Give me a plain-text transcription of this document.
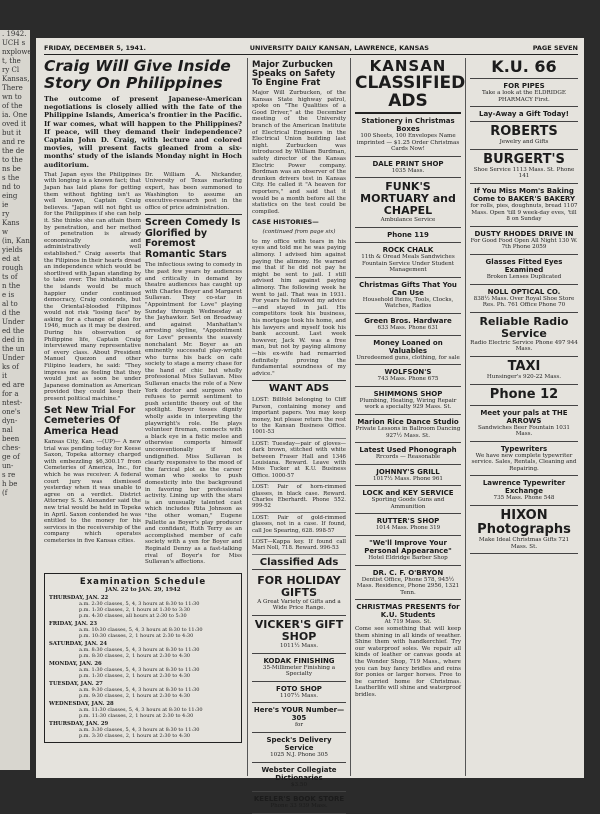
. 1942.
UCH s
nxplowe
t, the
ry Cl
Kansas,
There
wn to
of the
ia. One
oved it
but it
and re
the de
to the
ns be
s the
nd to
eing
ie
ry
Kans
w
(in, Kan
yields
ed at
rough
ts of
n the
e is
al to
d the
Under
ed the
ded in
the un
Under
ks of
it
ed are
for a
ntest-
one's
dyn-
nal
been
ches-
ge of
un-
s re
h be
(f
FRIDAY, DECEMBER 5, 1941.	UNIVERSITY DAILY KANSAN, LAWRENCE, KANSAS	PAGE SEVEN
Craig Will Give Inside Story On Philippines
The outcome of present Japanese-American negotiations is closely allied with the fate of the Philippine Islands, America's frontier in the Pacific. If war comes, what will happen to the Philippines? If peace, will they demand their independence? Captain John D. Craig, with lecture and colored movies, will present facts gleaned from a six-months' study of the islands Monday night in Hoch auditorium.
That Japan eyes the Philippines with longing is a known fact; that Japan has laid plans for getting them without fighting isn't as well known, Captain Craig believes. "Japan will not fight us for the Philippines if she can help it. She thinks she can attain them by penetration, and her method of penetration is already economically and administratively well established." Craig asserts that the Filipinos in their hearts dread an independence which would be shortlived with Japan standing by to take over. The inhabitants of the islands would be much happier under continued democracy, Craig contends, but the Oriental-blooded Filipinos would not risk "losing face" by asking for a change of plan for 1946, much as it may be desired. During his observation of Philippine life, Captain Craig interviewed many representative of every class. About President Manuel Quezon and other Filipino leaders, he said: "They impress me as feeling that they would just as soon be under Japanese domination as American provided they could keep their present political machine."
Set New Trial For Cemeteries Of America Head
Kansas City, Kan. —(UP)— A new trial was pending today for Keese Saxon, Topeka attorney charged with embezzling $6,300.17 from Cemeteries of America, Inc., for which he was receiver. A federal court jury was dismissed yesterday when it was unable to agree on a verdict. District Attorney S. S. Alexander said the new trial would be held in Topeka in April. Saxon contended he was entitled to the money for his services in the receivership of the company which operates cemeteries in five Kansas cities.
Dr. William A. Nickander, University of Texas marketing expert, has been summoned to Washington to assume an executive-research post in the office of price administration.
Screen Comedy Is Glorified by Foremost Romantic Stars
The infectious swing to comedy in the past few years by audiences and critically in demand by theatre audiences has caught up with Charles Boyer and Margaret Sullavan. They co-star in "Appointment for Love" playing Sunday through Wednesday at the Jayhawker. Set on Broadway and against Manhattan's arresting skyline, "Appointment for Love" presents the suavely nonchalant Mr. Boyer as an eminently successful play-wright who turns his back on cafe society to stage a merry chase for the hand of chic but wholly professional Miss Sullavan. Miss Sullavan enacts the role of a New York doctor and surgeon who refuses to permit sentiment to push scientific theory out of the spotlight. Boyer tosses dignity wholly aside in interpreting the playwright's role. He plays volunteer fireman, connects with a black eye in a fistic melee and otherwise comports himself unconventionally if not undignified. Miss Sullavan is clearly responsive to the mood of the farcical plot as the career woman who seeks to push domesticity into the background in favoring her professional activity. Lining up with the stars is an unusually talented cast which includes Rita Johnson as "the other woman," Eugene Pallette as Boyer's play producer and confidant, Ruth Terry as an accomplished member of cafe society with a yen for Boyer and Reginald Denny as a fast-talking rival of Boyer's for Miss Sullavan's affections.
Examination Schedule
JAN. 22 to JAN. 29, 1942
THURSDAY, JAN. 22
a.m. 2:30 classes, 5, 4, 3 hours at 8:30 to 11:30
p.m. 1:30 classes, 2, 1 hours at 1:30 to 3:30
p.m. 4:30 classes, all hours at 2:30 to 5:30
FRIDAY, JAN. 23
a.m. 10:30 classes, 5, 4, 3 hours at 8:30 to 11:30
p.m. 10:30 classes, 2, 1 hours at 2:30 to 4:30
SATURDAY, JAN. 24
a.m. 8:30 classes, 5, 4, 3 hours at 8:30 to 11:30
p.m. 8:30 classes, 2, 1 hours at 2:30 to 4:30
MONDAY, JAN. 26
a.m. 1:30 classes, 5, 4, 3 hours at 8:30 to 11:30
p.m. 1:30 classes, 2, 1 hours at 2:30 to 4:30
TUESDAY, JAN. 27
a.m. 9:30 classes, 5, 4, 3 hours at 8:30 to 11:30
p.m. 9:30 classes, 2, 1 hours at 2:30 to 4:30
WEDNESDAY, JAN. 28
a.m. 11:30 classes, 5, 4, 3 hours at 8:30 to 11:30
p.m. 11:30 classes, 2, 1 hours at 2:30 to 4:30
THURSDAY, JAN. 29
a.m. 3:30 classes, 5, 4, 3 hours at 8:30 to 11:30
p.m. 3:30 classes, 2, 1 hours at 2:30 to 4:30
Major Zurbucken Speaks on Safety To Engine Frat
Major Will Zurbucken, of the Kansas State highway patrol, spoke on "The Qualities of a Good Driver," at the December meeting of the University branch of the American Institute of Electrical Engineers in the Electrical Union building last night. Zurbucken was introduced by William Burdman, safety director of the Kansas Electric Power company. Bordman was an observer of the drunken drivers test in Kansas City. He called it "A heaven for reporters," and said that it would be a month before all the statistics on the test could be compiled.
CASE HISTORIES—
(continued from page six)
to my office with tears in his eyes and told me he was paying alimony. I advised him against paying the alimony. He warned me that if he did not pay he might be sent to jail. I still advised him against paying alimony. The following week he went to jail. That was in 1931. For years he followed my advice—and stayed in jail. His competitors took his business, his mortgage took his home, and his lawyers and myself took his bank account. Last week however, Jack W. was a free man, but not by paying alimony—his ex-wife had remarried definitely proving the fundamental soundness of my advice."
WANT ADS
LOST: Billfold belonging to Cliff Parson, containing money and important papers. You may keep money, but please return the rest to the Kansan Business Office. 1001-53
LOST: Tuesday—pair of gloves—dark brown, stitched with white between Fraser Hall and 1346 Louisiana. Reward. Leave with Miss Tucker at K.U. Business Office. 1000-57
LOST: Pair of horn-rimmed glasses, in black case. Reward. Charles Eberhardt. Phone 552. 999-52
LOST: Pair of gold-rimmed glasses, not in a case. If found, call Joe Spearing, 628. 998-57
LOST—Kappa key. If found call Mari Noll, 718. Reward. 996-53
Classified Ads
FOR HOLIDAY GIFTS
A Great Variety of Gifts and a Wide Price Range.
VICKER'S GIFT SHOP
1011½ Mass.
KODAK FINISHING
35-Millimeter Finishing a Specialty
FOTO SHOP
1107½ Mass.
Here's YOUR Number—305
for
Speck's Delivery Service
1025 N.J. Phone 305
Webster Collegiate Dictionaries
$3.50
KEELER'S BOOK STORE
Phone 33 939 Mass.
KANSAN
CLASSIFIED ADS
Stationery in Christmas Boxes
100 Sheets, 100 Envelopes Name imprinted — $1.25 Order Christmas Cards Now!
DALE PRINT SHOP
1035 Mass.
FUNK'S MORTUARY and CHAPEL
Ambulance Service
Phone 119
ROCK CHALK
11th & Oread Meals Sandwiches Fountain Service Under Student Management
Christmas Gifts That You Can Use
Household Items, Tools, Clocks, Watches, Radios
Green Bros. Hardware
633 Mass. Phone 631
Money Loaned on Valuables
Unredeemed guns, clothing, for sale
WOLFSON'S
743 Mass. Phone 675
SHIMMONS SHOP
Plumbing, Heating, Wiring Repair work a specialty 929 Mass. St.
Marion Rice Dance Studio
Private Lessons in Ballroom Dancing 927½ Mass. St.
Latest Used Phonograph
Rrcords — Reasonable
JOHNNY'S GRILL
1017½ Mass. Phone 961
LOCK and KEY SERVICE
Sporting Goods Guns and Ammunition
RUTTER'S SHOP
1014 Mass. Phone 319
"We'll Improve Your Personal Appearance"
Hotel Eldridge Barber Shop
DR. C. F. O'BRYON
Dentist Office, Phone 578, 945½ Mass. Residence, Phone 2956, 1321 Tenn.
CHRISTMAS PRESENTS for K.U. Students
At 719 Mass. St.
Come see something that will keep them shining in all kinds of weather. Shine them with handkerchief. Try our waterproof soles. We repair all kinds of leather or canvas goods at the Wonder Shop, 719 Mass., where you can buy fancy bridles and reins for ponies or larger horses. Free to be carried home for Christmas. Leatherlife will shine and waterproof bridles.
K.U. 66
FOR PIPES
Take a look at the ELDRIDGE PHARMACY First.
Lay-Away a Gift Today!
ROBERTS
Jewelry and Gifts
BURGERT'S
Shoe Service 1113 Mass. St. Phone 141
If You Miss Mom's Baking Come to BAKER'S BAKERY
for rolls, pies, doughnuts, bread 1107 Mass. Open 'till 9 week-day eves, 'till 8 on Sunday
DUSTY RHODES DRIVE IN
For Good Food Open All Night 130 W. 7th Phone 2059
Glasses Fitted Eyes Examined
Broken Lenses Duplicated
NOLL OPTICAL CO.
838½ Mass. Over Royal Shoe Store Res. Ph. 761 Office Phone 70
Reliable Radio Service
Radio Electric Service Phone 497 944 Mass.
TAXI
Hunsinger's 920-22 Mass.
Phone 12
Meet your pals at THE ARROWS
Sandwiches Beer Fountain 1031 Mass.
Typewriters
We have new complete typewriter service. Sales, Rentals, Cleaning and Repairing.
Lawrence Typewriter Exchange
735 Mass. Phone 548
HIXON Photographs
Make Ideal Christmas Gifts 721 Mass. St.
